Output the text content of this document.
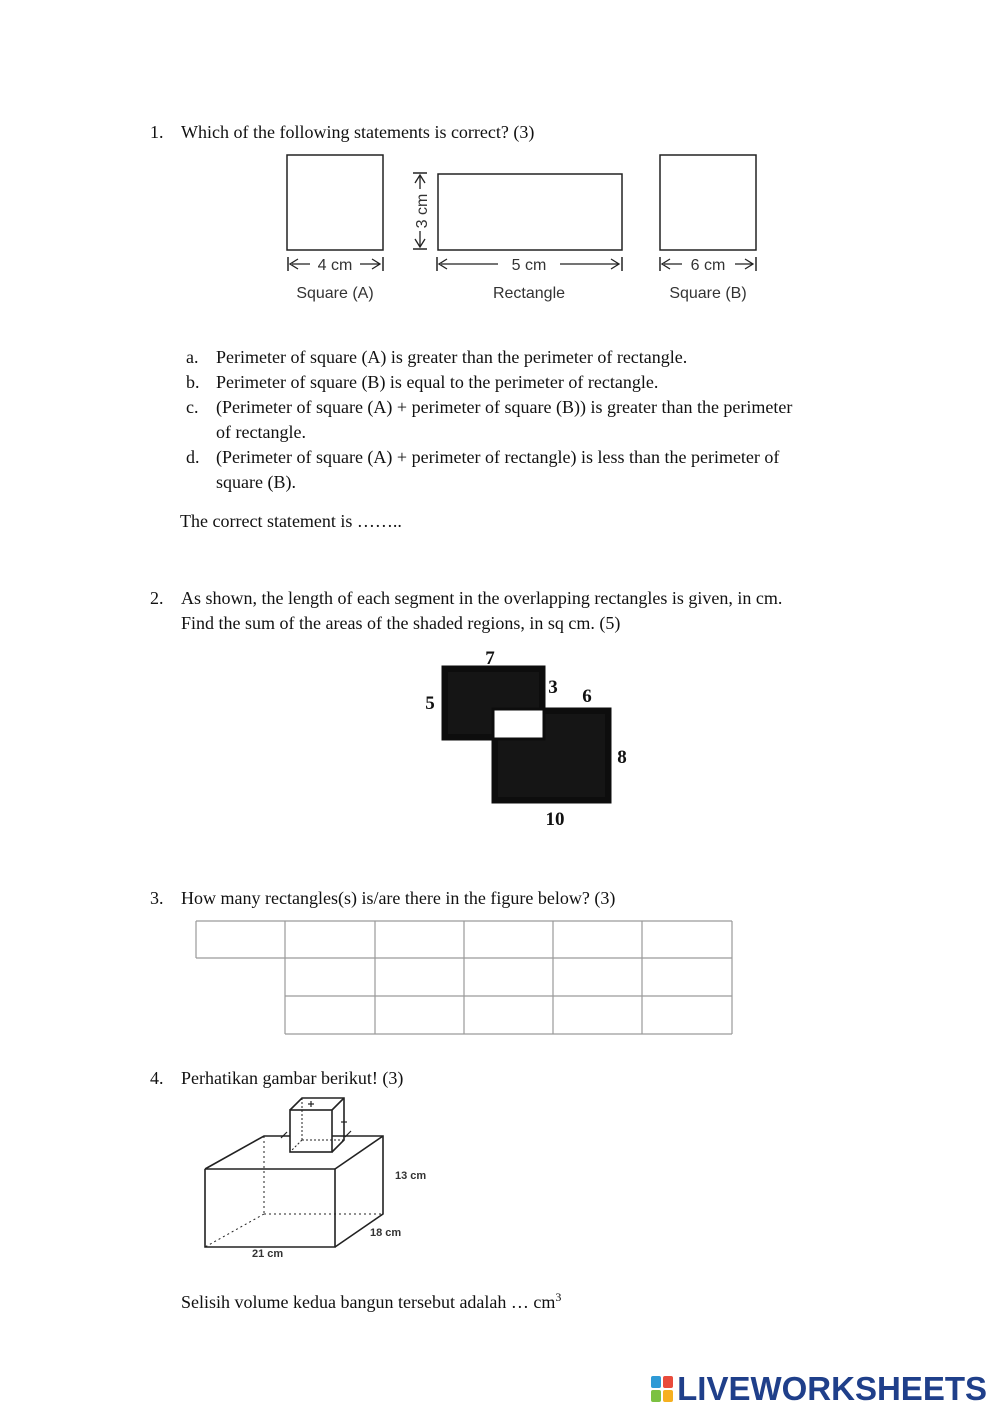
1. Which of the following statements is correct? (3)
4 cm
Square (A)
3 cm
5 cm
Rectangle
6 cm
Square (B)
a. Perimeter of square (A) is greater than the perimeter of rectangle.
b. Perimeter of square (B) is equal to the perimeter of rectangle.
c. (Perimeter of square (A) + perimeter of square (B)) is greater than the perimeter
of rectangle.
d. (Perimeter of square (A) + perimeter of rectangle) is less than the perimeter of
square (B).
The correct statement is ……..
2. As shown, the length of each segment in the overlapping rectangles is given, in cm.
Find the sum of the areas of the shaded regions, in sq cm. (5)
7
5
3 6
8
10
3. How many rectangles(s) is/are there in the figure below? (3)
4. Perhatikan gambar berikut! (3)
13 cm
18 cm
21 cm
Selisih volume kedua bangun tersebut adalah … $cm^3$
LIVEWORKSHEETS
